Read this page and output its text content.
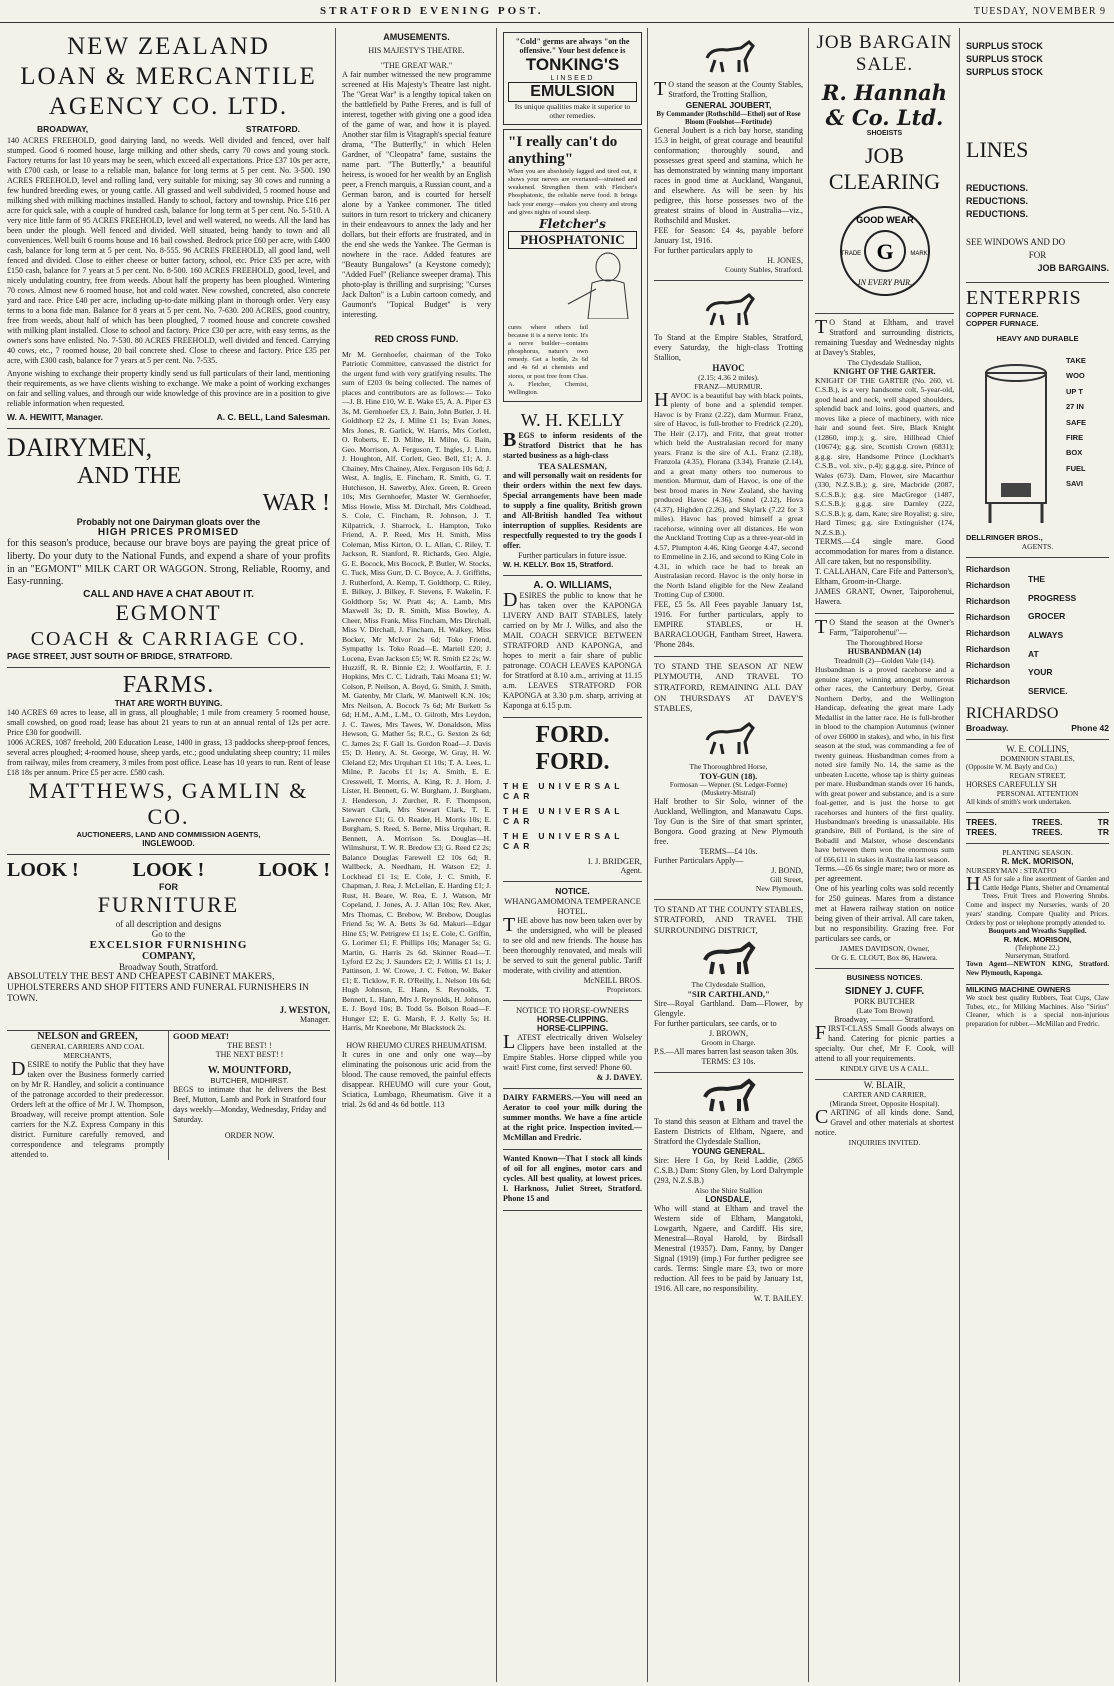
STRATFORD EVENING POST.	TUESDAY, NOVEMBER 9
NEW ZEALAND
LOAN & MERCANTILE
AGENCY CO. LTD.
BROADWAY,	STRATFORD.
140 ACRES FREEHOLD, good dairying land, no weeds. Well divided and fenced, over half stumped. Good 6 roomed house, large milking and other sheds, carry 70 cows and young stock. Factory returns for last 10 years may be seen, which exceed all expectations. Price £37 10s per acre, with £700 cash, or lease to a reliable man, balance for long terms at 5 per cent. No. 3-500. 190 ACRES FREEHOLD, level and rolling land, very suitable for mixing; say 30 cows and running a few hundred breeding ewes, or young cattle. All grassed and well subdivided, 5 roomed house and milking shed with milking machines installed. Handy to school, factory and township. Price £16 per acre for quick sale, with a couple of hundred cash, balance for long term at 5 per cent. No. 5-510. A very nice little farm of 95 ACRES FREEHOLD, level and well watered, no weeds. All the land has been under the plough. Well fenced and divided. Well situated, being handy to town and all conveniences. Well built 6 rooms house and 16 bail cowshed. Bedrock price £60 per acre, with £400 cash, balance for long term at 5 per cent. No. 8-555. 96 ACRES FREEHOLD, all good land, well fenced and divided. Close to either cheese or butter factory, school, etc. Price £35 per acre, with £150 cash, balance for 7 years at 5 per cent. No. 8-500. 160 ACRES FREEHOLD, good, level, and nicely undulating country, free from weeds. About half the property has been ploughed. Wintering 70 cows. Almost new 6 roomed house, hot and cold water. New cowshed, concreted, also concrete yard and race. Price £40 per acre, including up-to-date milking plant in thorough order. Very easy terms to a bona fide man. Balance for 8 years at 5 per cent. No. 7-630. 200 ACRES, good country, free from weeds, about half of which has been ploughed, 7 roomed house and concrete cowshed with milking plant installed. Close to school and factory. Price £30 per acre, with easy terms, as the owner's sons have enlisted. No. 7-530. 80 ACRES FREEHOLD, well divided and fenced. Carrying 40 cows, etc., 7 roomed house, 20 bail concrete shed. Close to cheese and factory. Price £35 per acre, with £300 cash, balance for 7 years at 5 per cent. No. 7-535.
Anyone wishing to exchange their property kindly send us full particulars of their land, mentioning their requirements, as we have clients wishing to exchange. We make a point of working exchanges on fair and selling values, and through our wide knowledge of this province are in a position to give reliable information when requested.
W. A. HEWITT, Manager.	A. C. BELL, Land Salesman.
DAIRYMEN,
AND THE
WAR !
Probably not one Dairyman gloats over the
HIGH PRICES PROMISED
for this season's produce, because our brave boys are paying the great price of liberty. Do your duty to the National Funds, and expend a share of your profits in an "EGMONT" MILK CART OR WAGGON. Strong, Reliable, Roomy, and Easy-running.
CALL AND HAVE A CHAT ABOUT IT.
EGMONT
COACH & CARRIAGE CO.
PAGE STREET, JUST SOUTH OF BRIDGE, STRATFORD.
FARMS.
THAT ARE WORTH BUYING.
140 ACRES 69 acres to lease, all in grass, all ploughable; 1 mile from creamery 5 roomed house, small cowshed, on good road; lease has about 21 years to run at an annual rental of 12s per acre. Price £30 for goodwill.
1006 ACRES, 1087 freehold, 200 Education Lease, 1400 in grass, 13 paddocks sheep-proof fences, several acres ploughed; 4-roomed house, sheep yards, etc.; good undulating sheep country; 11 miles from railway, miles from creamery, 3 miles from post office. Lease has 10 years to run. Rent of lease £18 18s per annum. Price £5 per acre. £580 cash.
MATTHEWS, GAMLIN & CO.
AUCTIONEERS, LAND AND COMMISSION AGENTS,
INGLEWOOD.
LOOK !	LOOK !	LOOK !
FOR
FURNITURE
of all description and designs
Go to the
EXCELSIOR FURNISHING
COMPANY,
Broadway South, Stratford.
ABSOLUTELY THE BEST AND CHEAPEST CABINET MAKERS, UPHOLSTERERS AND SHOP FITTERS AND FUNERAL FURNISHERS IN TOWN.
J. WESTON,
Manager.
NELSON and GREEN,
GENERAL CARRIERS AND COAL MERCHANTS,
DESIRE to notify the Public that they have taken over the Business formerly carried on by Mr R. Handley, and solicit a continuance of the patronage accorded to their predecessor. Orders left at the office of Mr J. W. Thompson, Broadway, will receive prompt attention. Sole carriers for the N.Z. Express Company in this district. Furniture carefully removed, and correspondence and telegrams promptly attended to.
GOOD MEAT!
THE BEST! !
THE NEXT BEST! !
W. MOUNTFORD,
BUTCHER, MIDHIRST.
BEGS to intimate that he delivers the Best Beef, Mutton, Lamb and Pork in Stratford four days weekly—Monday, Wednesday, Friday and Saturday.
ORDER NOW.
AMUSEMENTS.
HIS MAJESTY'S THEATRE.
"THE GREAT WAR."
A fair number witnessed the new programme screened at His Majesty's Theatre last night. The "Great War" is a lengthy topical taken on the battlefield by Pathe Freres, and is full of interest, together with giving one a good idea of the game of war, and how it is played. Another star film is Vitagraph's special feature drama, "The Butterfly," in which Helen Gardner, of "Cleopatra" fame, sustains the name part. "The Butterfly," a beautiful heiress, is wooed for her wealth by an English peer, a French marquis, a Russian count, and a German baron, and is courted for herself alone by a Yankee commoner. The titled suitors in turn resort to trickery and chicanery in their endeavours to annex the lady and her dollars, but their efforts are frustrated, and in the end she weds the Yankee. The German is nowhere in the race. Added features are "Beauty Bungalows" (a Keystone comedy); "Added Fuel" (Reliance sweeper drama). This photo-play is thrilling and surprising; "Curses Jack Dalton" is a Lubin cartoon comedy, and Gaumont's "Topical Budget" is very interesting.
RED CROSS FUND.
Mr M. Gernhoefer, chairman of the Toko Patriotic Committee, canvassed the district for the urgent fund with very gratifying results. The sum of £203 0s being collected. The names of places and contributors are as follows:— Toko—J. B. Hine £10, W. E. Wake £5, A. A. Piper £3 3s, M. Gernhoefer £3, J. Bain, John Butler, J. H. Goldthorp £2 2s, J. Milne £1 1s; Evan Jones, Mrs Jones, R. Garlick, W. Harris, Mrs Corlett, O. Roberts, E. D. Milne, H. Milne, G. Bain, Geo. Morrison, A. Ferguson, T. Ingles, J. Linn, J. Houghton, Alf. Corlett, Geo. Bell, £1; A. J. Chainey, Mrs Chainey, Alex. Ferguson 10s 6d; J. West, A. Inglis, E. Fincham, R. Smith, G. T. Hutcheson, H. Sawerby, Alex. Green, R. Green 10s; Mrs Gernhoefer, Master W. Gernhoefer, Miss Howie, Miss M. Dirchall, Mrs Coldhead, S. Cole, C. Fincham, R. Johnson, J. T. Kilpatrick, J. Sharrock, L. Hampton, Toko Friend, A. P. Reed, Mrs H. Smith, Miss Coleman, Miss Kirton, O. L. Allan, C. Riley, T. Jackson, R. Stanford, R. Richards, Geo. Algie, G. E. Bocock, Mrs Bocock, P. Butler, W. Stocks, C. Tuck, Miss Gurr, D. C. Boyce, A. J. Griffiths, J. Rutherford, A. Kemp, T. Goldthorp, C. Riley, E. Bilkey, J. Bilkey, F. Stevens, F. Wakelin, F. Goldthorp 5s; W. Pratt 4s; A. Lamb, Mrs Maxwell 3s; D. R. Smith, Miss Bowley, A. Cheer, Miss Frank, Miss Fincham, Mrs Dirchall, Miss V. Dirchall, J. Fincham, H. Walkey, Miss Bocker, Mr McIvor 2s 6d; Toko Friend, Sympathy 1s. Toko Road—E. Martell £20; J. Lucena, Evan Jackson £5; W. R. Smith £2 2s; W. Huzziff, R. R. Binnie £2; J. Woolfartin, F. J. Hopkins, Mrs C. C. Lidrath, Taki Moana £1; W. Colson, P. Neilson, A. Boyd, G. Smith, J. Smith, M. Gatenby, Mr Clark, W. Mantwell K.N. 10s; Mrs Neilson, A. Bocock 7s 6d; Mr Burkett 5s 6d; H.M., A.M., L.M., O. Gilroth, Mrs Leydon, J. C. Tawes, Mrs Tawes, W. Donaldson, Miss Hewson, G. Mather 5s; R.C., G. Sexton 2s 6d; C. James 2s; F. Gall 1s. Gordon Road—J. Davis £5; D. Henry, A. St. George, W. Gray, H. W. Cleland £2; Mrs Urquhart £1 10s; T. A. Lees, L. Milne, P. Jacobs £1 1s; A. Smith, E. E. Cresswell, T. Morris, A. King, R. J. Horn, J. Lister, H. Bennett, G. W. Burgham, J. Burgham, J. Henderson, J. Zurcher, R. F. Thompson, Stewart Clark, Mrs Stewart Clark, T. E. Lawrence £1; G. O. Reader, H. Morris 10s; E. Burgham, S. Reed, S. Berne, Miss Urquhart, R. Bennett, A. Morrison 5s. Douglas—H. Wilmshurst, T. W. R. Bredow £3; G. Reed £2 2s; Balance Douglas Farewell £2 10s 6d; R. Wallbeck, A. Needham, H. Watson £2; J. Lockhead £1 1s; E. Cole, J. C. Smith, F. Chapman, J. Rea, J. McLellan, E. Harding £1; J. Rust, H. Beare, W. Rea, E. J. Watson, Mr Copeland, J. Jones, A. J. Allan 10s; Rev. Aker, Mrs Thomas, C. Brebow, W. Brebow, Douglas Friend 5s; W. A. Betts 3s 6d. Makuri—Edgar Hine £5; W. Petrigrew £1 1s; E. Cole, C. Griffin, G. Lorimer £1; F. Phillips 10s; Manager 5s; G. Martin, G. Harris 2s 6d. Skinner Road—T. Lyford £2 2s; J. Saunders £2; J. Willis £1 1s; J. Pattinson, J. W. Crowe, J. C. Felton, W. Baker £1; E. Ticklow, F. R. O'Reilly, L. Nelson 10s 6d; Hugh Johnson, E. Hann, S. Reynolds, T. Bennett, L. Hann, Mrs J. Reynolds, H. Johnson, E. J. Boyd 10s; B. Todd 5s. Bolson Road—F. Hunger £2; E. G. Marsh, F. J. Kelly 5s; H. Harris, Mr Kneebone, Mr Blackstock 2s.
HOW RHEUMO CURES RHEUMATISM.
It cures in one and only one way—by eliminating the poisonous uric acid from the blood. The cause removed, the painful effects disappear. RHEUMO will cure your Gout, Sciatica, Lumbago, Rheumatism. Give it a trial. 2s 6d and 4s 6d bottle. 113
"Cold" germs are always "on the offensive." Your best defence is
TONKING'S
LINSEED
EMULSION
Its unique qualities make it superior to other remedies.
"I really can't do anything"
When you are absolutely fagged and tired out, it shows your nerves are overtaxed—strained and weakened. Strengthen them with Fletcher's Phosphatonic, the reliable nerve food. It brings back your energy—makes you cheery and strong and gives nights of sound sleep.
Fletcher's
PHOSPHATONIC
cures where others fail because it is a nerve tonic. It's a nerve builder—contains phosphorus, nature's own remedy. Get a bottle, 2s 6d and 4s 6d at chemists and stores, or post free from Chas. A. Fletcher, Chemist, Wellington.
W. H. KELLY
BEGS to inform residents of the Stratford District that he has started business as a high-class
TEA SALESMAN,
and will personally wait on residents for their orders within the next few days. Special arrangements have been made to supply a fine quality, British grown and All-British handled Tea without interruption of supplies. Residents are respectfully requested to try the goods I offer.
Further particulars in future issue.
W. H. KELLY. Box 15, Stratford.
A. O. WILLIAMS,
DESIRES the public to know that he has taken over the KAPONGA LIVERY AND BAIT STABLES, lately carried on by Mr J. Wilks, and also the MAIL COACH SERVICE BETWEEN STRATFORD AND KAPONGA, and hopes to merit a fair share of public patronage. COACH LEAVES KAPONGA for Stratford at 8.10 a.m., arriving at 11.15 a.m. LEAVES STRATFORD FOR KAPONGA at 3.30 p.m. sharp, arriving at Kaponga at 6.15 p.m.
FORD.
FORD.
THE UNIVERSAL CAR
THE UNIVERSAL CAR
THE UNIVERSAL CAR
I. J. BRIDGER,
Agent.
NOTICE.
WHANGAMOMONA TEMPERANCE HOTEL.
THE above has now been taken over by the undersigned, who will be pleased to see old and new friends. The house has been thoroughly renovated, and meals will be served to suit the general public. Tariff moderate, with civility and attention.
McNEILL BROS.
Proprietors.
NOTICE TO HORSE-OWNERS
HORSE-CLIPPING.
HORSE-CLIPPING.
LATEST electrically driven Wolseley Clippers have been installed at the Empire Stables. Horse clipped while you wait! First come, first served! Phone 60.
& J. DAVEY.
DAIRY FARMERS.—You will need an Aerator to cool your milk during the summer months. We have a fine article at the right price. Inspection invited.—McMillan and Fredric.
Wanted Known—That I stock all kinds of oil for all engines, motor cars and cycles. All best quality, at lowest prices. I. Harknoss, Juliet Street, Stratford. Phone 15 and
TO stand the season at the County Stables, Stratford, the Trotting Stallion,
GENERAL JOUBERT,
By Commander (Rothschild—Ethel) out of Rose Bloom (Foolshot—Fortitude)
General Joubert is a rich bay horse, standing 15.3 in height, of great courage and beautiful conformation; thoroughly sound, and possesses great speed and stamina, which he has demonstrated by winning many important races in good time at Auckland, Wanganui, and elsewhere. As will be seen by his pedigree, this horse possesses two of the greatest strains of blood in Australia—viz., Rothschild and Musket.
FEE for Season: £4 4s, payable before January 1st, 1916.
For further particulars apply to
H. JONES,
County Stables, Stratford.
To Stand at the Empire Stables, Stratford, every Saturday, the high-class Trotting Stallion,
HAVOC
(2.15; 4.36 2 miles).
FRANZ—MURMUR.
HAVOC is a beautiful bay with black points, plenty of bone and a splendid temper. Havoc is by Franz (2.22), dam Murmur. Franz, sire of Havoc, is full-brother to Fredrick (2.20), The Heir (2.17), and Fritz, that great trotter which held the Australasian record for many years. Franz is the sire of A.L. Franz (2.18), Franzola (4.35), Florana (3.34), Franzie (2.14), and a great many others too numerous to mention. Murmur, dam of Havoc, is one of the best brood mares in New Zealand, she having produced Havoc (4.36), Sonol (2.12), Hova (4.37), Highden (2.26), and Skylark (7.22 for 3 miles). Havoc has proved himself a great racehorse, winning over all distances. He won the Auckland Trotting Cup as a three-year-old in 4.57, Plumpton 4.46, King George 4.47, second to Emmeline in 2.16, and second to King Cole in 4.31, in which race he had to break an Australasian record. Havoc is the only horse in the North Island eligible for the New Zealand Trotting Cup of £3000.
FEE, £5 5s. All Fees payable January 1st, 1916. For further particulars, apply to EMPIRE STABLES, or H. BARRACLOUGH, Fantham Street, Hawera. 'Phone 284s.
TO STAND THE SEASON AT NEW PLYMOUTH, AND TRAVEL TO STRATFORD, REMAINING ALL DAY ON THURSDAYS AT DAVEY'S STABLES,
The Thoroughbred Horse,
TOY-GUN (18).
Formosan — Wepner. (St. Ledger-Forme) (Musketry-Mistral)
Half brother to Sir Solo, winner of the Auckland, Wellington, and Manawatu Cups. Toy Gun is the Sire of that smart sprinter, Bongora. Good grazing at New Plymouth free.
TERMS—£4 10s.
Further Particulars Apply—
J. BOND,
Gill Street,
New Plymouth.
TO STAND AT THE COUNTY STABLES, STRATFORD, AND TRAVEL THE SURROUNDING DISTRICT,
The Clydesdale Stallion,
"SIR CARTHLAND,"
Sire—Royal Garthland. Dam—Flower, by Glengyle.
For further particulars, see cards, or to
J. BROWN,
Groom in Charge.
P.S.—All mares barren last season taken 30s.
TERMS: £3 10s.
To stand this season at Eltham and travel the Eastern Districts of Eltham, Ngaere, and Stratford the Clydesdale Stallion,
YOUNG GENERAL.
Sire: Here I Go, by Reid Laddie, (2865 C.S.B.) Dam: Stony Glen, by Lord Dalrymple (293, N.Z.S.B.)
Also the Shire Stallion
LONSDALE,
Who will stand at Eltham and travel the Western side of Eltham, Mangatoki, Lowgarth, Ngaere, and Cardiff. His sire, Menestral—Royal Harold, by Birdsall Menestral (19357). Dam, Fanny, by Danger Signal (1919) (imp.) For further pedigree see cards. Terms: Single mare £3, two or more reduction. All fees to be paid by January 1st, 1916. All care, no responsibility.
W. T. BAILEY.
JOB BARGAIN
SALE.
R. Hannah & Co. Ltd.
SHOEISTS
JOB
CLEARING
GOOD WEAR
G
TRADE	MARK
IN EVERY PAIR.
TO Stand at Eltham, and travel Stratford and surrounding districts, remaining Tuesday and Wednesday nights at Davey's Stables,
The Clydesdale Stallion,
KNIGHT OF THE GARTER.
KNIGHT OF THE GARTER (No. 260, vl. C.S.B.), is a very handsome colt, 5-year-old, good head and neck, well shaped shoulders, splendid back and loins, good quarters, and moves like a piece of machinery, with nice hair and sound feet. Sire, Black Knight (12860, imp.); g. sire, Hillhead Chief (10674); g.g. sire, Scottish Crown (6831); g.g.g. sire, Handsome Prince (Lockhart's C.S.B., vol. xiv., p.4); g.g.g.g. sire, Prince of Wales (673). Dam, Flower, sire Macarthur (330, N.Z.S.B.); g. sire, Macbride (2087, S.C.S.B.); g.g. sire MacGregor (1487, S.C.S.B.); g.g.g. sire Darnley (222, S.C.S.B.); g. dam, Kate; sire Royalist; g. sire, Hard Times; g.g. sire Extinguisher (174, N.Z.S.B.).
TERMS.—£4 single mare. Good accommodation for mares from a distance. All care taken, but no responsibility.
T. CALLAHAN, Care Fife and Patterson's, Eltham, Groom-in-Charge.
JAMES GRANT, Owner, Taiporohenui, Hawera.
TO Stand the season at the Owner's Farm, "Taiporohenui"—
The Thoroughbred Horse
HUSBANDMAN (14)
Treadmill (2)—Golden Vale (14).
Husbandman is a proved racehorse and a genuine stayer, winning amongst numerous other races, the Canterbury Derby, Great Northern Derby, and the Wellington Handicap, defeating the great mare Lady Medallist in the latter race. He is full-brother in blood to the champion Autumnus (winner of over £6000 in stakes), and who, in his first season at the stud, was commanding a fee of twenty guineas. Husbandman comes from a noted sire family No. 14, the same as the unbeaten Lucette, whose tap is thirty guineas per mare. Husbandman stands over 16 hands, with great power and substance, and is a sure foal-getter, and is just the horse to get racehorses and hunters of the first quality. Husbandman's breeding is unassailable. His grandsire, Bill of Portland, is the sire of Bobadil and Malster, whose descendants have between them won the enormous sum of £66,611 in stakes in Australia last season.
Terms.—£6 6s single mare; two or more as per agreement.
One of his yearling colts was sold recently for 250 guineas. Mares from a distance met at Hawera railway station on notice being given of their arrival. All care taken, but no responsibility. Grazing free. For particulars see cards, or
JAMES DAVIDSON, Owner,
Or G. E. CLOUT, Box 86, Hawera.
BUSINESS NOTICES.
SIDNEY J. CUFF.
PORK BUTCHER
(Late Tom Brown)
Broadway, ———— Stratford.
FIRST-CLASS Small Goods always on hand. Catering for picnic parties a specialty. Our chef, Mr F. Cook, will attend to all your requirements.
KINDLY GIVE US A CALL.
W. BLAIR,
CARTER AND CARRIER,
(Miranda Street, Opposite Hospital).
CARTING of all kinds done. Sand, Gravel and other materials at shortest notice.
INQUIRIES INVITED.
SURPLUS STOCK
SURPLUS STOCK
SURPLUS STOCK
LINES
REDUCTIONS.
REDUCTIONS.
REDUCTIONS.
SEE WINDOWS AND DO
FOR
JOB BARGAINS.
ENTERPRIS
COPPER FURNACE.
COPPER FURNACE.
HEAVY AND DURABLE
TAKE
WOO
UP T
27 IN
SAFE
FIRE
BOX
FUEL
SAVI
DELLRINGER BROS.,
AGENTS.
Richardson
Richardson
Richardson
Richardson
Richardson
Richardson
Richardson
Richardson
THE
PROGRESS
GROCER
ALWAYS
AT
YOUR
SERVICE.
RICHARDSO
Broadway.	Phone 42
W. E. COLLINS,
DOMINION STABLES,
(Opposite W. M. Bayly and Co.)
REGAN STREET,
HORSES CAREFULLY SH
PERSONAL ATTENTION
All kinds of smith's work undertaken.
TREES.	TREES.	TR
TREES.	TREES.	TR
PLANTING SEASON.
R. McK. MORISON,
NURSERYMAN : STRATFO
HAS for sale a fine assortment of Garden and Cattle Hedge Plants, Shelter and Ornamental Trees, Fruit Trees and Flowering Shrubs. Come and inspect my Nurseries, wards of 20 years' standing. Compare Quality and Prices. Orders by post or telephone promptly attended to.
Bouquets and Wreaths Supplied.
R. McK. MORISON,
(Telephone 22.)
Nurseryman, Stratford.
Town Agent—NEWTON KING, Stratford. New Plymouth, Kaponga.
MILKING MACHINE OWNERS
We stock best quality Rubbers, Teat Cups, Claw Tubes, etc., for Milking Machines. Also "Sirius" Cleaner, which is a special non-injurious preparation for rubber.—McMillan and Fredric.
